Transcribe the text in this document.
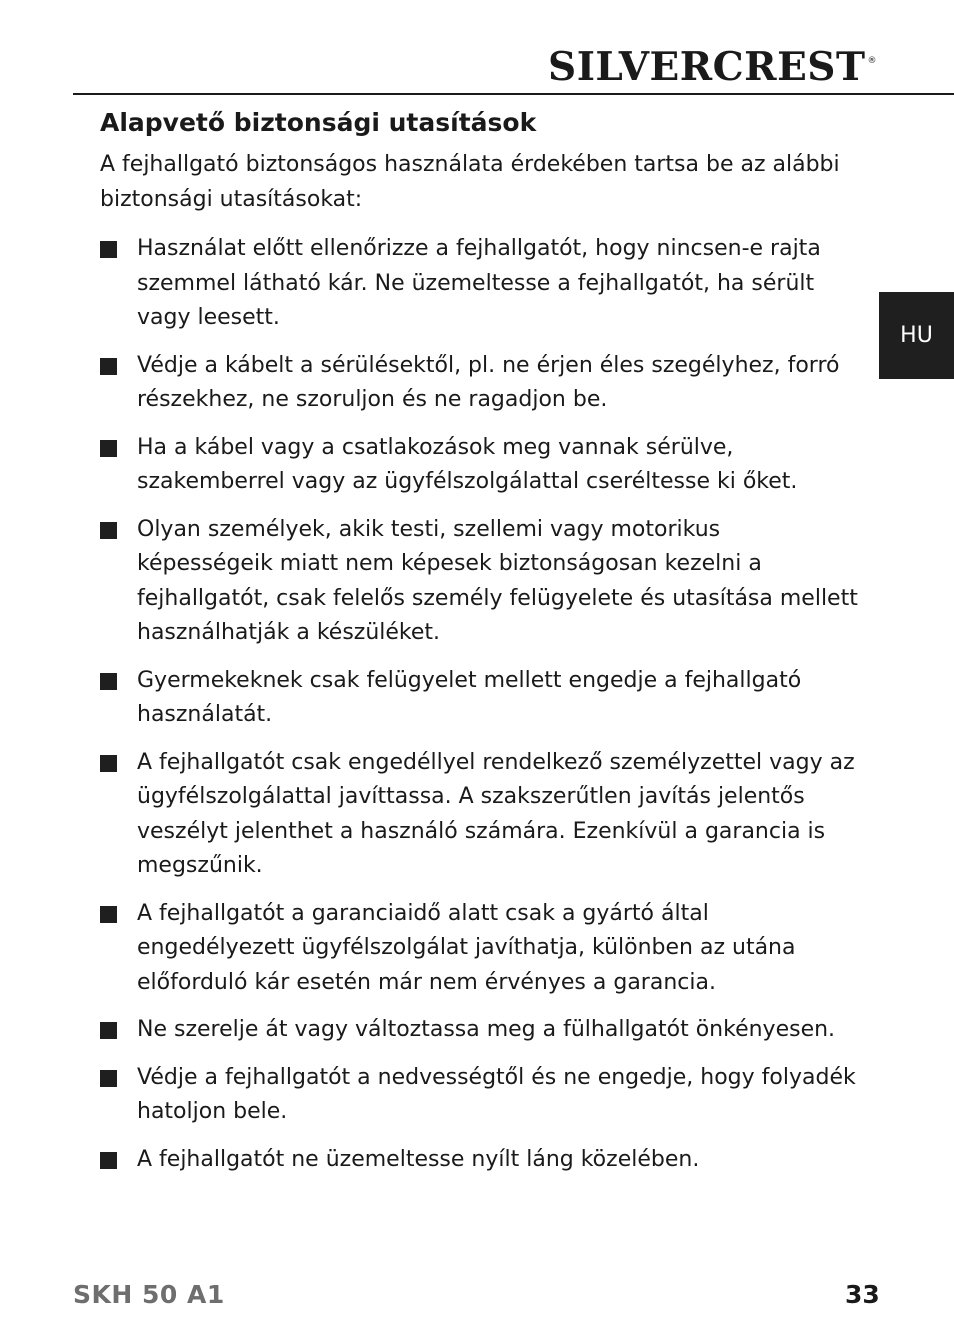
SILVERCREST ®
HU
Alapvető biztonsági utasítások

A fejhallgató biztonságos használata érdekében tartsa be az alábbi biztonsági utasításokat:

Használat előtt ellenőrizze a fejhallgatót, hogy nincsen-e rajta szemmel látható kár. Ne üzemeltesse a fejhallgatót, ha sérült vagy leesett.
Védje a kábelt a sérülésektől, pl. ne érjen éles szegélyhez, forró részekhez, ne szoruljon és ne ragadjon be.
Ha a kábel vagy a csatlakozások meg vannak sérülve, szakemberrel vagy az ügyfélszolgálattal cseréltesse ki őket.
Olyan személyek, akik testi, szellemi vagy motorikus képességeik miatt nem képesek biztonságosan kezelni a fejhallgatót, csak felelős személy felügyelete és utasítása mellett használhatják a készüléket.
Gyermekeknek csak felügyelet mellett engedje a fejhallgató használatát.
A fejhallgatót csak engedéllyel rendelkező személyzettel vagy az ügyfélszolgálattal javíttassa. A szakszerűtlen javítás jelentős veszélyt jelenthet a használó számára. Ezenkívül a garancia is megszűnik.
A fejhallgatót a garanciaidő alatt csak a gyártó által engedélyezett ügyfélszolgálat javíthatja, különben az utána előforduló kár esetén már nem érvényes a garancia.
Ne szerelje át vagy változtassa meg a fülhallgatót önkényesen.
Védje a fejhallgatót a nedvességtől és ne engedje, hogy folyadék hatoljon bele.
A fejhallgatót ne üzemeltesse nyílt láng közelében.
SKH 50 A1	33
